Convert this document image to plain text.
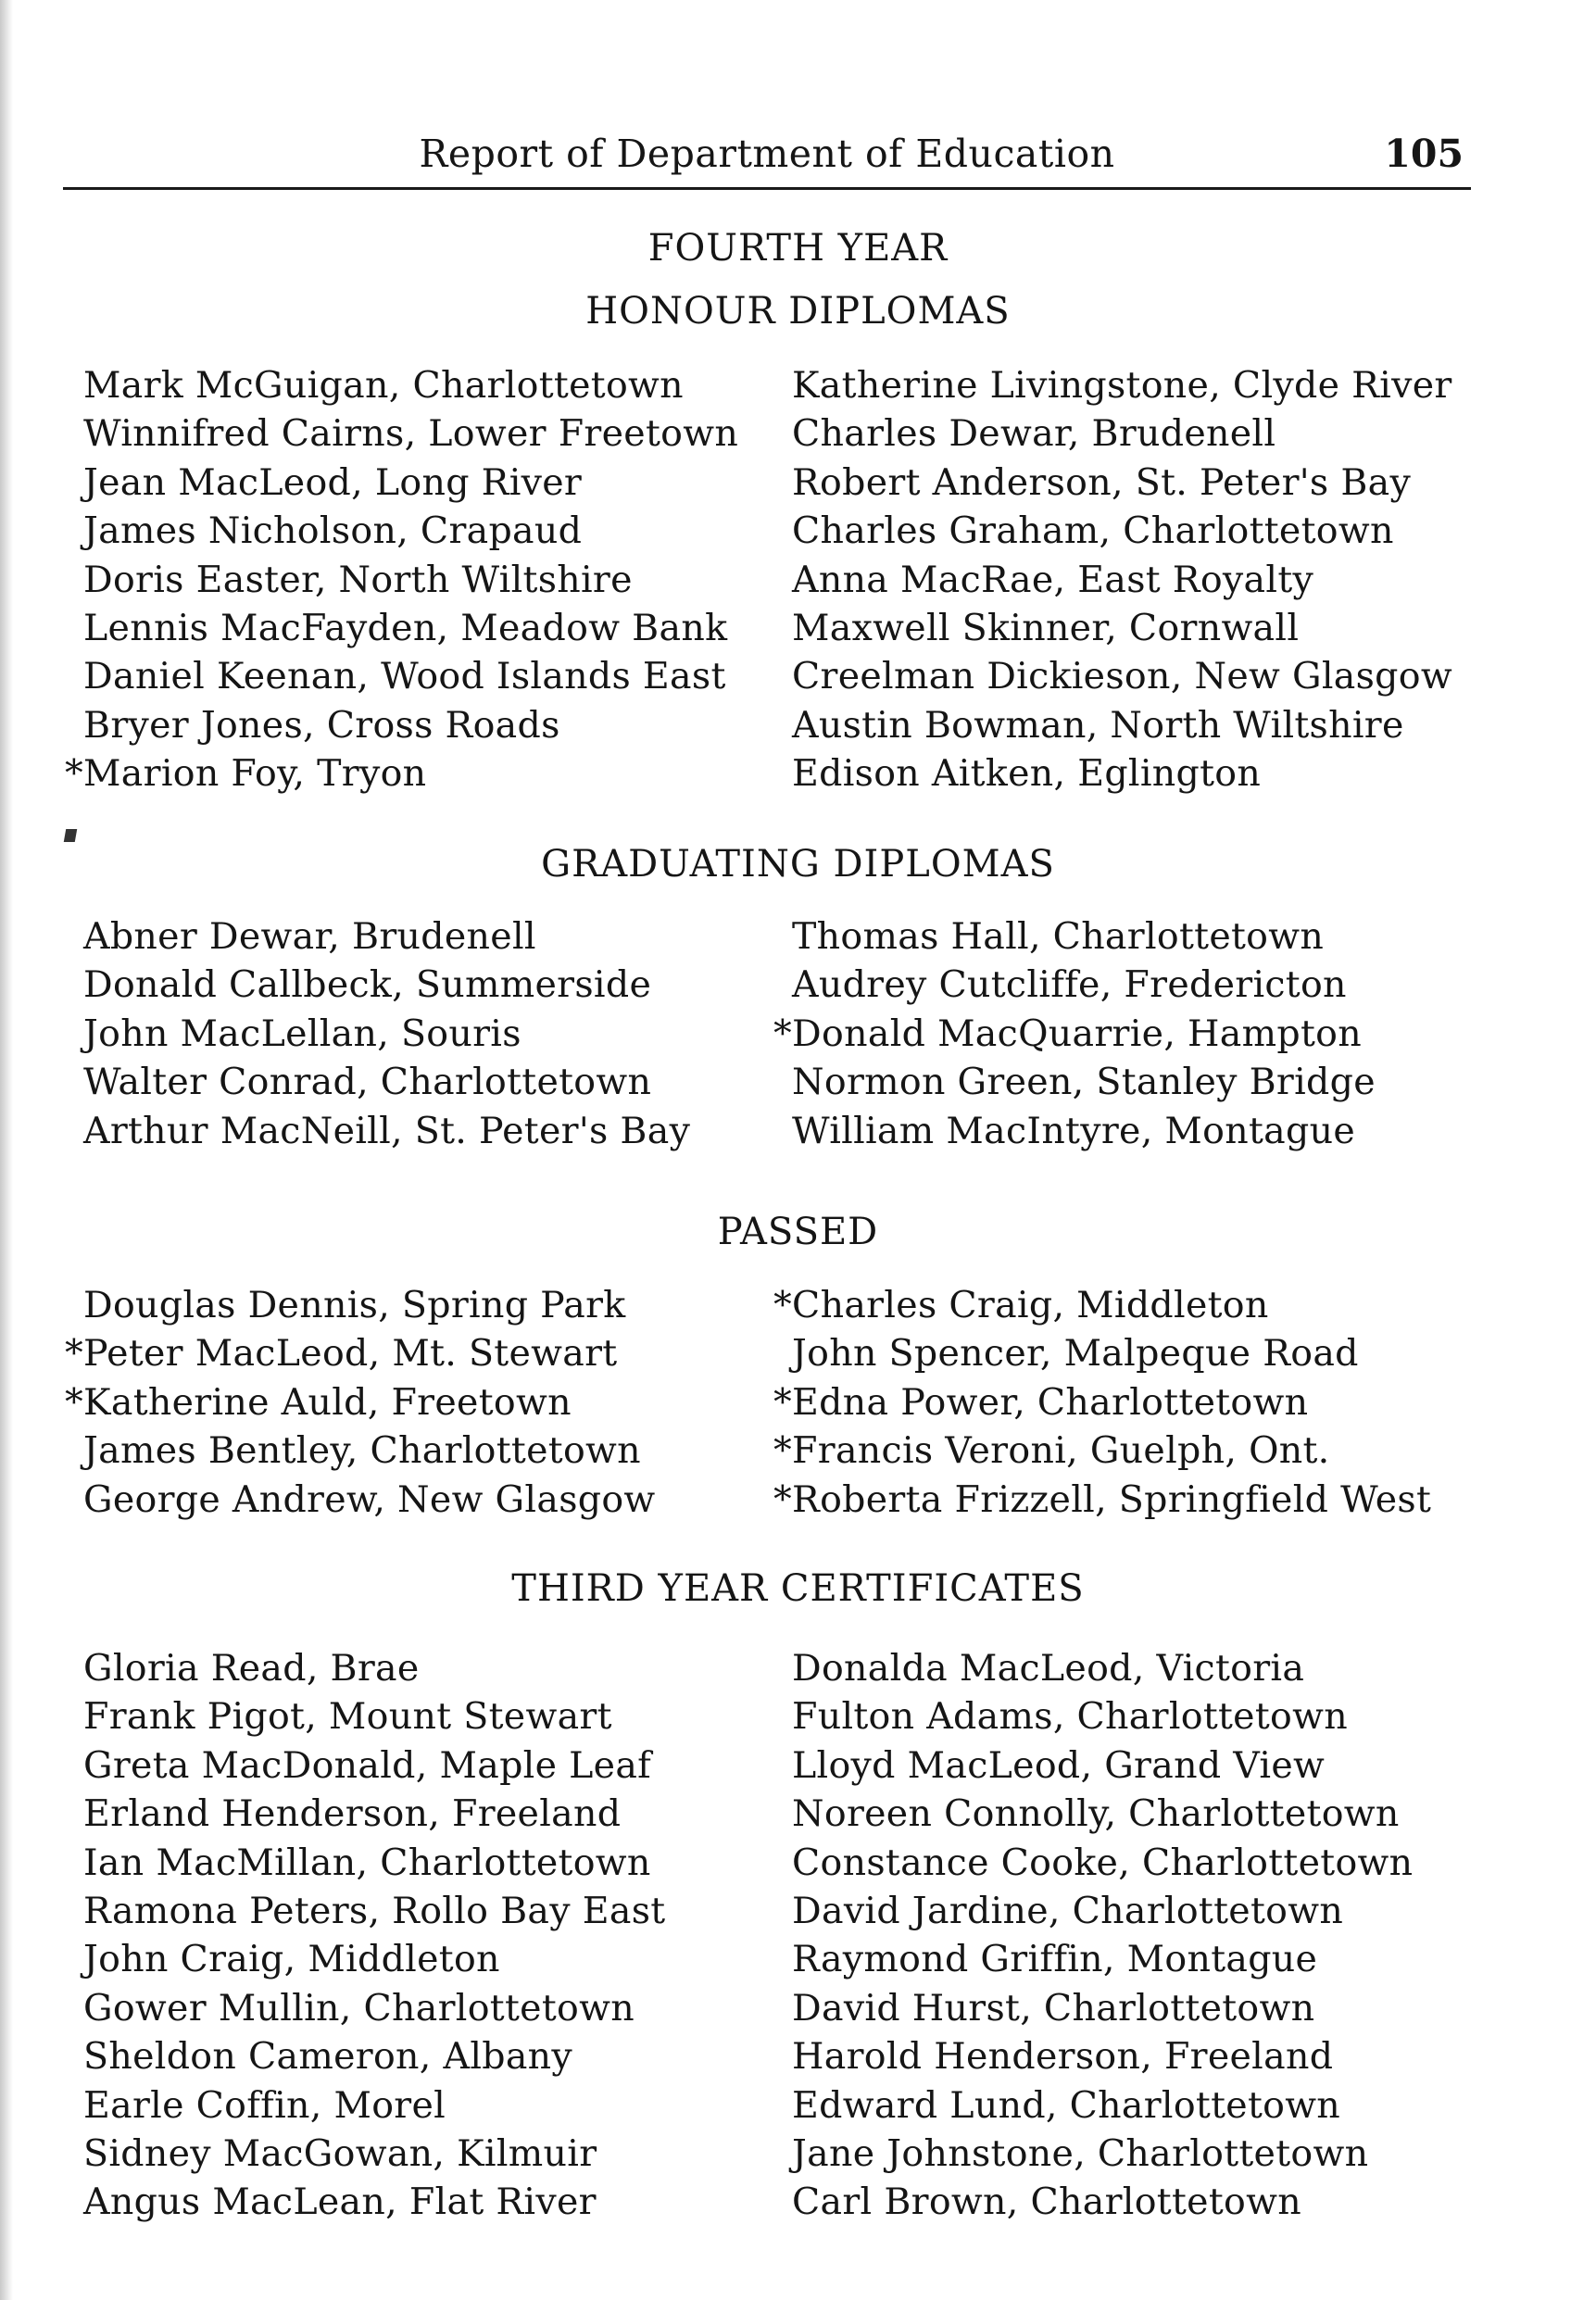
Report of Department of Education	105
FOURTH YEAR
HONOUR DIPLOMAS
Mark McGuigan, Charlottetown
Winnifred Cairns, Lower Freetown
Jean MacLeod, Long River
James Nicholson, Crapaud
Doris Easter, North Wiltshire
Lennis MacFayden, Meadow Bank
Daniel Keenan, Wood Islands East
Bryer Jones, Cross Roads
*Marion Foy, Tryon
Katherine Livingstone, Clyde River
Charles Dewar, Brudenell
Robert Anderson, St. Peter's Bay
Charles Graham, Charlottetown
Anna MacRae, East Royalty
Maxwell Skinner, Cornwall
Creelman Dickieson, New Glasgow
Austin Bowman, North Wiltshire
Edison Aitken, Eglington
GRADUATING DIPLOMAS
Abner Dewar, Brudenell
Donald Callbeck, Summerside
John MacLellan, Souris
Walter Conrad, Charlottetown
Arthur MacNeill, St. Peter's Bay
Thomas Hall, Charlottetown
Audrey Cutcliffe, Fredericton
*Donald MacQuarrie, Hampton
Normon Green, Stanley Bridge
William MacIntyre, Montague
PASSED
Douglas Dennis, Spring Park
*Peter MacLeod, Mt. Stewart
*Katherine Auld, Freetown
James Bentley, Charlottetown
George Andrew, New Glasgow
*Charles Craig, Middleton
John Spencer, Malpeque Road
*Edna Power, Charlottetown
*Francis Veroni, Guelph, Ont.
*Roberta Frizzell, Springfield West
THIRD YEAR CERTIFICATES
Gloria Read, Brae
Frank Pigot, Mount Stewart
Greta MacDonald, Maple Leaf
Erland Henderson, Freeland
Ian MacMillan, Charlottetown
Ramona Peters, Rollo Bay East
John Craig, Middleton
Gower Mullin, Charlottetown
Sheldon Cameron, Albany
Earle Coffin, Morel
Sidney MacGowan, Kilmuir
Angus MacLean, Flat River
Donalda MacLeod, Victoria
Fulton Adams, Charlottetown
Lloyd MacLeod, Grand View
Noreen Connolly, Charlottetown
Constance Cooke, Charlottetown
David Jardine, Charlottetown
Raymond Griffin, Montague
David Hurst, Charlottetown
Harold Henderson, Freeland
Edward Lund, Charlottetown
Jane Johnstone, Charlottetown
Carl Brown, Charlottetown
